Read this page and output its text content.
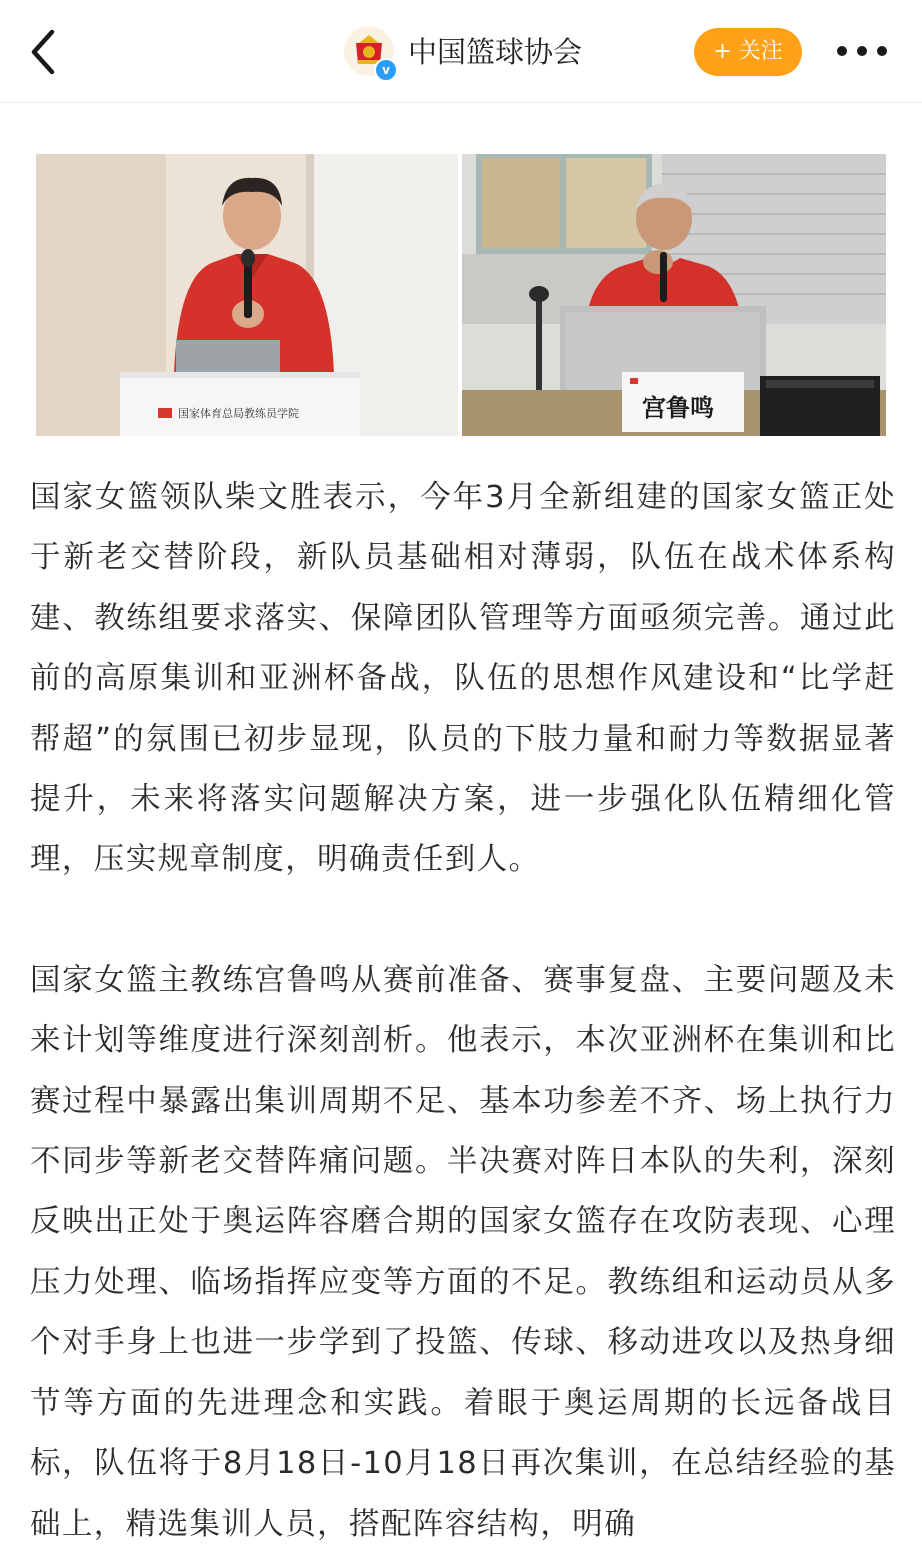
v
中国篮球协会	+ 关注
国家体育总局教练员学院	宫鲁鸣

国家女篮领队柴文胜表示，今年3月全新组建的国家女篮正处于新老交替阶段，新队员基础相对薄弱，队伍在战术体系构建、教练组要求落实、保障团队管理等方面亟须完善。通过此前的高原集训和亚洲杯备战，队伍的思想作风建设和“比学赶帮超”的氛围已初步显现，队员的下肢力量和耐力等数据显著提升，未来将落实问题解决方案，进一步强化队伍精细化管理，压实规章制度，明确责任到人。

国家女篮主教练宫鲁鸣从赛前准备、赛事复盘、主要问题及未来计划等维度进行深刻剖析。他表示，本次亚洲杯在集训和比赛过程中暴露出集训周期不足、基本功参差不齐、场上执行力不同步等新老交替阵痛问题。半决赛对阵日本队的失利，深刻反映出正处于奥运阵容磨合期的国家女篮存在攻防表现、心理压力处理、临场指挥应变等方面的不足。教练组和运动员从多个对手身上也进一步学到了投篮、传球、移动进攻以及热身细节等方面的先进理念和实践。着眼于奥运周期的长远备战目标，队伍将于8月18日-10月18日再次集训，在总结经验的基础上，精选集训人员，搭配阵容结构，明确
